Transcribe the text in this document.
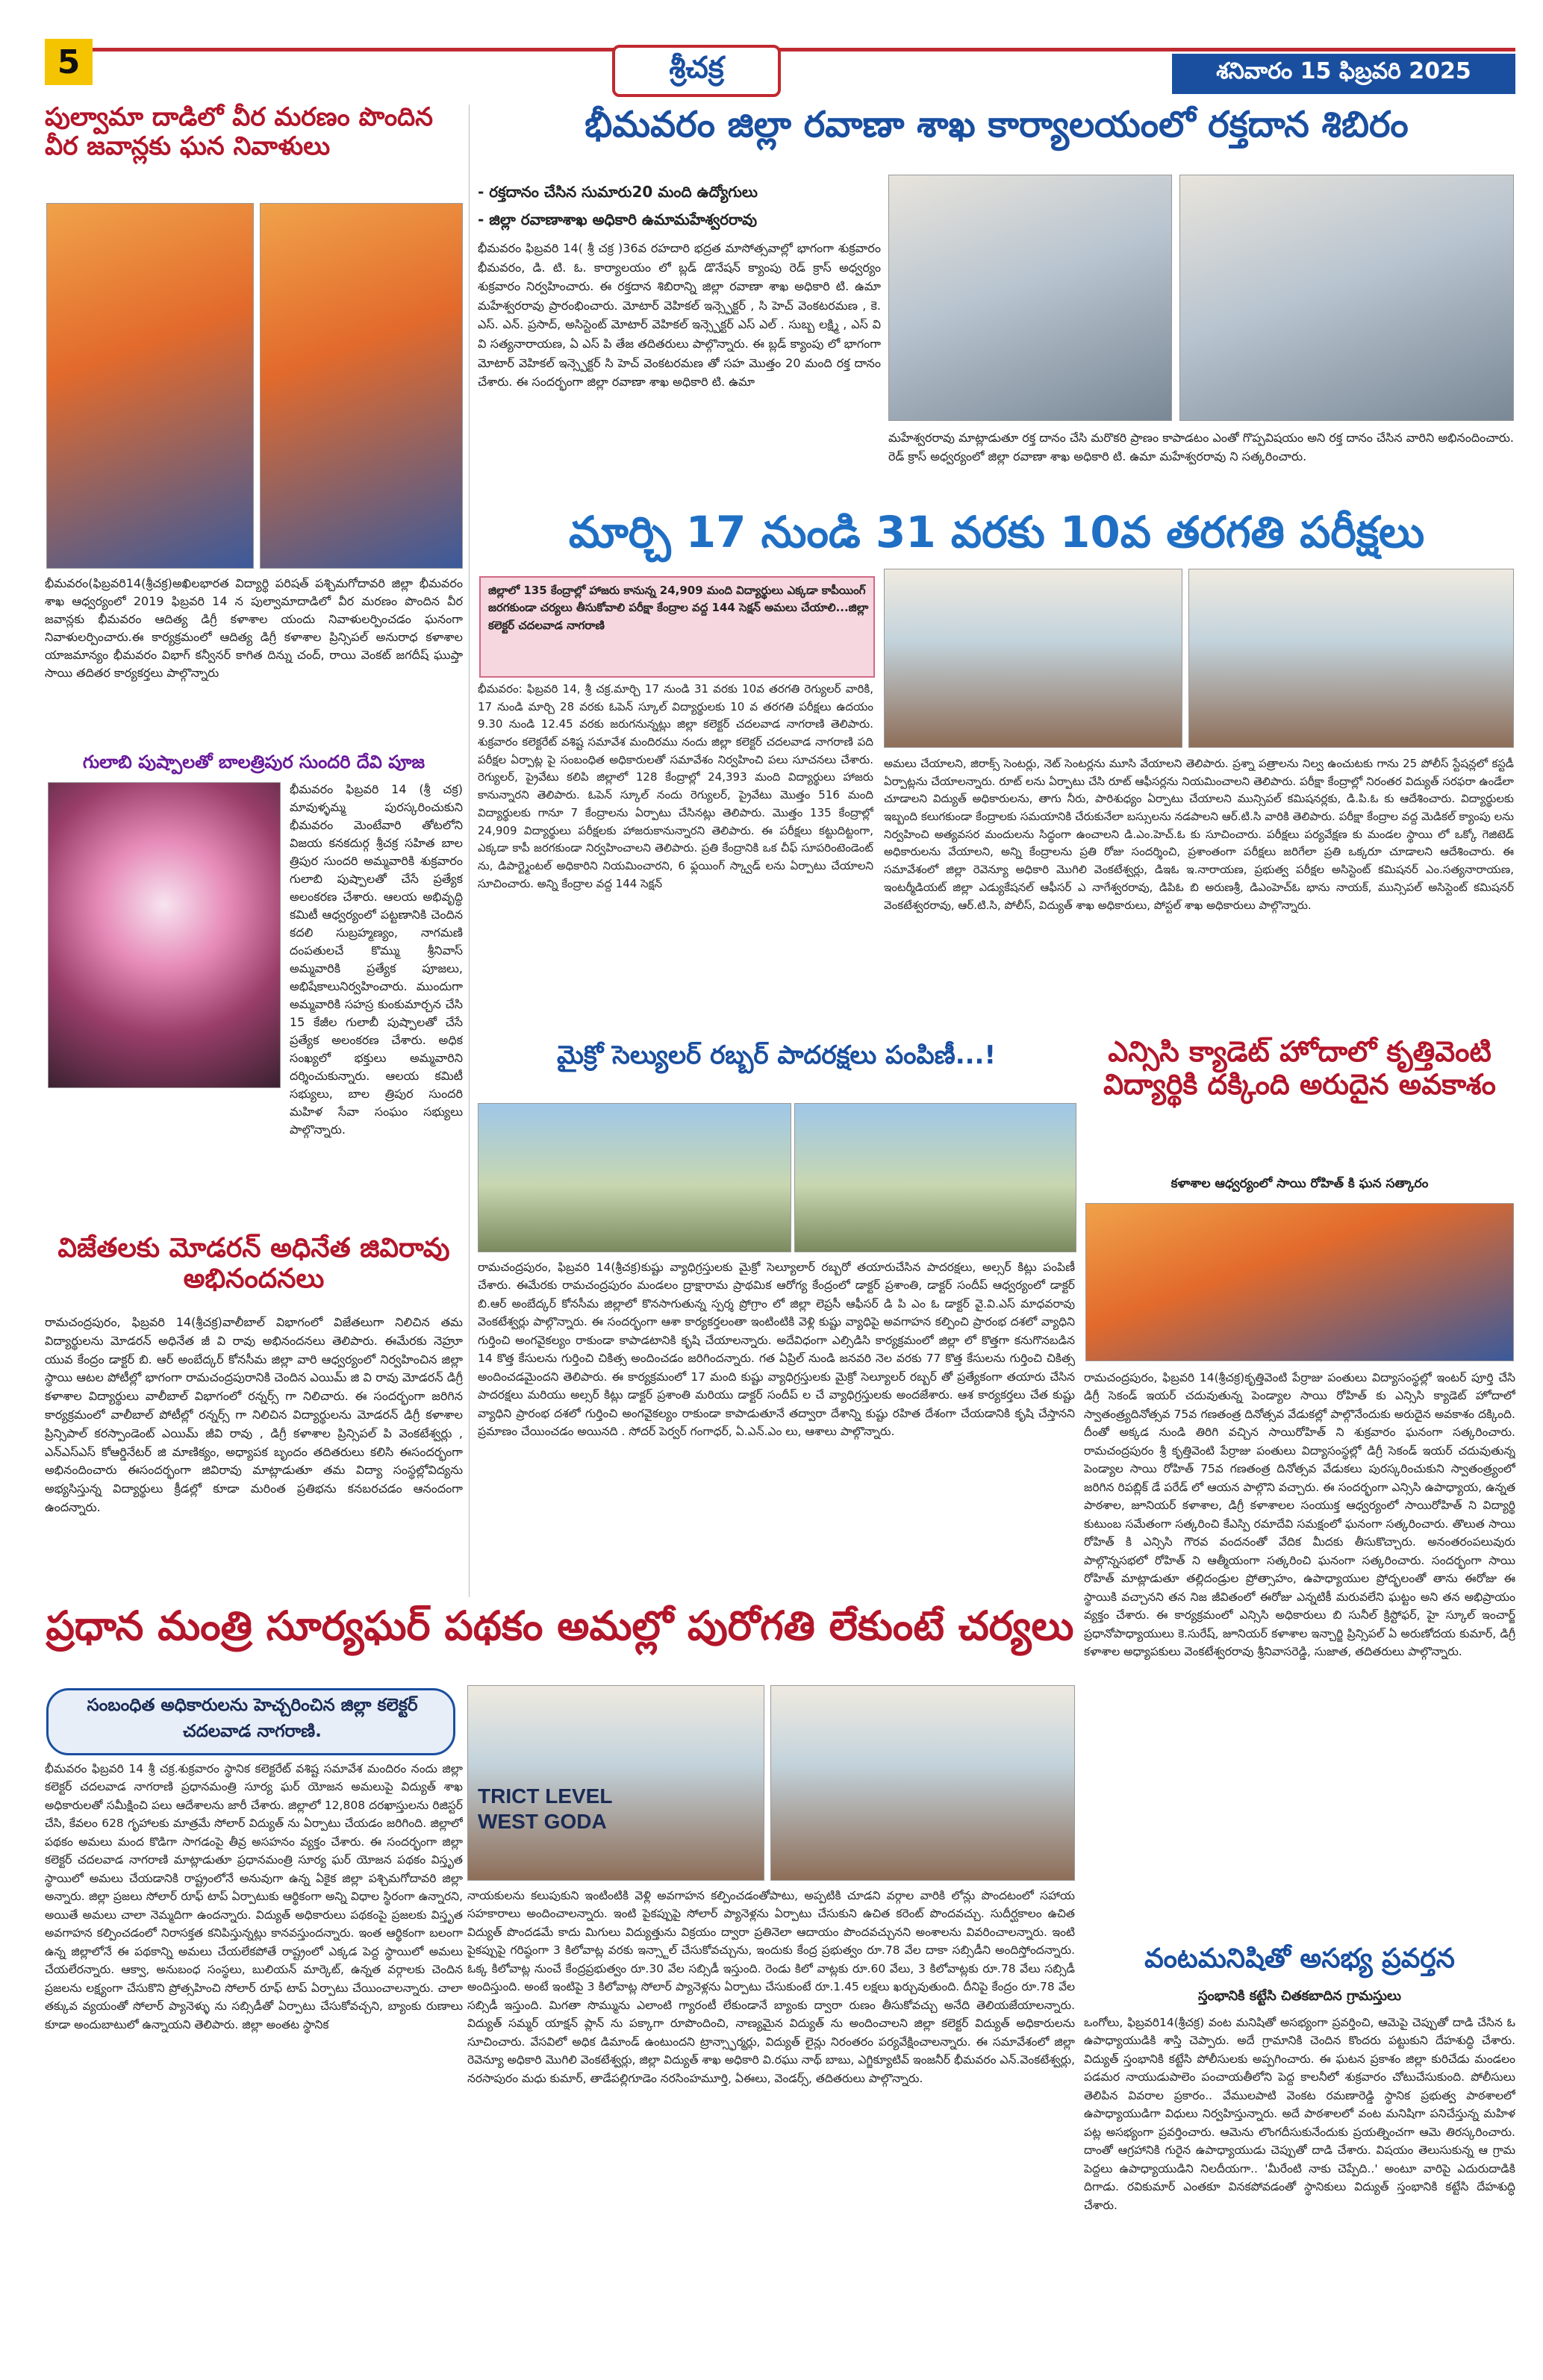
5	శ్రీచక్ర	శనివారం 15 ఫిబ్రవరి 2025
పుల్వామా దాడిలో వీర మరణం పొందిన వీర జవాన్లకు ఘన నివాళులు
భీమవరం(ఫిబ్రవరి14(శ్రీచక్ర)అఖిలభారత విద్యార్థి పరిషత్ పశ్చిమగోదావరి జిల్లా భీమవరం శాఖ ఆధ్వర్యంలో 2019 ఫిబ్రవరి 14 న పుల్వామాదాడిలో వీర మరణం పొందిన వీర జవాన్లకు భీమవరం ఆదిత్య డిగ్రీ కళాశాల యందు నివాళులర్పించడం ఘనంగా నివాళులర్పించారు.ఈ కార్యక్రమంలో ఆదిత్య డిగ్రీ కళాశాల ప్రిన్సిపల్ అనురాధ కళాశాల యాజమాన్యం భీమవరం విభాగ్ కన్వీనర్ కాగిత దిన్ను చంద్, రాయి వెంకట్ జగదీష్ ఘుప్తా సాయి తదితర కార్యకర్తలు పాల్గొన్నారు
గులాబి పుష్పాలతో బాలత్రిపుర సుందరి దేవి పూజ
భీమవరం ఫిబ్రవరి 14 (శ్రీ చక్ర) మావుళ్ళమ్మ పురస్కరించుకుని భీమవరం మెంటేవారి తోటలోని విజయ కనకదుర్గ శ్రీచక్ర సహిత బాల త్రిపుర సుందరి అమ్మవారికి శుక్రవారం గులాబి పుష్పాలతో చేసే ప్రత్యేక అలంకరణ చేశారు. ఆలయ అభివృద్ధి కమిటీ ఆధ్వర్యంలో పట్టణానికి చెందిన కదలి సుబ్రహ్మణ్యం, నాగమణి దంపతులచే కొమ్ము శ్రీనివాస్ అమ్మవారికి ప్రత్యేక పూజలు, అభిషేకాలునిర్వహించారు. ముందుగా అమ్మవారికి సహస్ర కుంకుమార్చన చేసి 15 కేజీల గులాబీ పుష్పాలతో చేసే ప్రత్యేక అలంకరణ చేశారు. అధిక సంఖ్యలో భక్తులు అమ్మవారిని దర్శించుకున్నారు. ఆలయ కమిటీ సభ్యులు, బాల త్రిపుర సుందరి మహిళ సేవా సంఘం సభ్యులు పాల్గొన్నారు.
విజేతలకు మోడరన్ అధినేత జివిరావు అభినందనలు
రామచంద్రపురం, ఫిబ్రవరి 14(శ్రీచక్ర)వాలీబాల్ విభాగంలో విజేతలుగా నిలిచిన తమ విద్యార్థులను మోడరన్ అధినేత జీ వి రావు అభినందనలు తెలిపారు. ఈమేరకు నెహ్రూ యువ కేంద్రం డాక్టర్ బి. ఆర్ అంబేద్కర్ కోనసీమ జిల్లా వారి ఆధ్వర్యంలో నిర్వహించిన జిల్లా స్థాయి ఆటల పోటీల్లో భాగంగా రామచంద్రపురానికి చెందిన ఎయిమ్ జి వి రావు మోడరన్ డిగ్రీ కళాశాల విద్యార్థులు వాలీబాల్ విభాగంలో రన్నర్స్ గా నిలిచారు. ఈ సందర్భంగా జరిగిన కార్యక్రమంలో వాలీబాల్ పోటీల్లో రన్నర్స్ గా నిలిచిన విద్యార్థులను మోడరన్ డిగ్రీ కళాశాల ప్రిన్సిపాల్ కరస్పాండెంట్ ఎయిమ్ జీవి రావు , డిగ్రీ కళాశాల ప్రిన్సిపల్ పి వెంకటేశ్వర్లు , ఎన్ఎస్ఎస్ కోఆర్డినేటర్ జి మాణిక్యం, అధ్యాపక బృందం తదితరులు కలిసి ఈసందర్భంగా అభినందించారు ఈసందర్భంగా జివిరావు మాట్లాడుతూ తమ విద్యా సంస్థల్లోవిద్యను అభ్యసిస్తున్న విద్యార్థులు క్రీడల్లో కూడా మరింత ప్రతిభను కనబరచడం ఆనందంగా ఉందన్నారు.
భీమవరం జిల్లా రవాణా శాఖ కార్యాలయంలో రక్తదాన శిబిరం
- రక్తదానం చేసిన సుమారు20 మంది ఉద్యోగులు
- జిల్లా రవాణాశాఖ అధికారి ఉమామహేశ్వరరావు
భీమవరం ఫిబ్రవరి 14( శ్రీ చక్ర )36వ రహదారి భద్రత మాసోత్సవాల్లో భాగంగా శుక్రవారం భీమవరం, డి. టి. ఓ. కార్యాలయం లో బ్లడ్ డొనేషన్ క్యాంపు రెడ్ క్రాస్ అధ్వర్యం శుక్రవారం నిర్వహించారు. ఈ రక్తదాన శిబిరాన్ని జిల్లా రవాణా శాఖ అధికారి టి. ఉమా మహేశ్వరరావు ప్రారంభించారు. మోటార్ వెహికల్ ఇన్స్పెక్టర్ , సి హెచ్ వెంకటరమణ , కె. ఎస్. ఎన్. ప్రసాద్, అసిస్టెంట్ మోటార్ వెహికల్ ఇన్స్పెక్టర్ ఎస్ ఎల్ . సుబ్బ లక్ష్మి , ఎస్ వి వి సత్యనారాయణ, ఏ ఎస్ పి తేజ తదితరులు పాల్గొన్నారు. ఈ బ్లడ్ క్యాంపు లో భాగంగా మోటార్ వెహికల్ ఇన్స్పెక్టర్ సి హెచ్ వెంకటరమణ తో సహ మొత్తం 20 మంది రక్త దానం చేశారు. ఈ సందర్భంగా జిల్లా రవాణా శాఖ అధికారి టి. ఉమా
మహేశ్వరరావు మాట్లాడుతూ రక్త దానం చేసి మరొకరి ప్రాణం కాపాడటం ఎంతో గొప్పవిషయం అని రక్త దానం చేసిన వారిని అభినందించారు. రెడ్ క్రాస్ అధ్వర్యంలో జిల్లా రవాణా శాఖ అధికారి టి. ఉమా మహేశ్వరరావు ని సత్కరించారు.
మార్చి 17 నుండి 31 వరకు 10వ తరగతి పరీక్షలు
జిల్లాలో 135 కేంద్రాల్లో హాజరు కానున్న 24,909 మంది విద్యార్థులు ఎక్కడా కాపీయింగ్ జరగకుండా చర్యలు తీసుకోవాలి పరీక్షా కేంద్రాల వద్ద 144 సెక్షన్ అమలు చేయాలి...జిల్లా కలెక్టర్ చదలవాడ నాగరాణి
భీమవరం: ఫిబ్రవరి 14, శ్రీ చక్ర.మార్చి 17 నుండి 31 వరకు 10వ తరగతి రెగ్యులర్ వారికి, 17 నుండి మార్చి 28 వరకు ఓపెన్ స్కూల్ విద్యార్థులకు 10 వ తరగతి పరీక్షలు ఉదయం 9.30 నుండి 12.45 వరకు జరుగనున్నట్లు జిల్లా కలెక్టర్ చదలవాడ నాగరాణి తెలిపారు. శుక్రవారం కలెక్టరేట్ వశిష్ట సమావేశ మందిరము నందు జిల్లా కలెక్టర్ చదలవాడ నాగరాణి పది పరీక్షల ఏర్పాట్ల పై సంబంధిత అధికారులతో సమావేశం నిర్వహించి పలు సూచనలు చేశారు. రెగ్యులర్, ప్రైవేటు కలిపి జిల్లాలో 128 కేంద్రాల్లో 24,393 మంది విద్యార్థులు హాజరు కానున్నారని తెలిపారు. ఓపెన్ స్కూల్ నందు రెగ్యులర్, ప్రైవేటు మొత్తం 516 మంది విద్యార్థులకు గానూ 7 కేంద్రాలను ఏర్పాటు చేసినట్లు తెలిపారు. మొత్తం 135 కేంద్రాల్లో 24,909 విద్యార్థులు పరీక్షలకు హాజరుకానున్నారని తెలిపారు. ఈ పరీక్షలు కట్టుదిట్టంగా, ఎక్కడా కాపీ జరగకుండా నిర్వహించాలని తెలిపారు. ప్రతి కేంద్రానికి ఒక చీఫ్ సూపరింటెండెంట్ ను, డిపార్ట్మెంటల్ అధికారిని నియమించారని, 6 ఫ్లయింగ్ స్క్వాడ్ లను ఏర్పాటు చేయాలని సూచించారు. అన్ని కేంద్రాల వద్ద 144 సెక్షన్
అమలు చేయాలని, జిరాక్స్ సెంటర్లు, నెట్ సెంటర్లను మూసి వేయాలని తెలిపారు. ప్రశ్నా పత్రాలను నిల్వ ఉంచుటకు గాను 25 పోలీస్ స్టేషన్లలో కస్టడీ ఏర్పాట్లను చేయాలన్నారు. రూట్ లను ఏర్పాటు చేసి రూట్ ఆఫీసర్లను నియమించాలని తెలిపారు. పరీక్షా కేంద్రాల్లో నిరంతర విద్యుత్ సరఫరా ఉండేలా చూడాలని విద్యుత్ అధికారులను, తాగు నీరు, పారిశుధ్యం ఏర్పాటు చేయాలని మున్సిపల్ కమిషనర్లకు, డి.పి.ఓ కు ఆదేశించారు. విద్యార్థులకు ఇబ్బంది కలుగకుండా కేంద్రాలకు సమయానికి చేరుకునేలా బస్సులను నడపాలని ఆర్.టి.సి వారికి తెలిపారు. పరీక్షా కేంద్రాల వద్ద మెడికల్ క్యాంపు లను నిర్వహించి అత్యవసర మందులను సిద్ధంగా ఉంచాలని డి.ఎం.హెచ్.ఓ కు సూచించారు. పరీక్షలు పర్యవేక్షణ కు మండల స్థాయి లో ఒక్కో గెజిటెడ్ అధికారులను వేయాలని, అన్ని కేంద్రాలను ప్రతి రోజు సందర్శించి, ప్రశాంతంగా పరీక్షలు జరిగేలా ప్రతి ఒక్కరూ చూడాలని ఆదేశించారు. ఈ సమావేశంలో జిల్లా రెవెన్యూ అధికారి మొగిలి వెంకటేశ్వర్లు, డిఇఓ ఇ.నారాయణ, ప్రభుత్వ పరీక్షల అసిస్టెంట్ కమిషనర్ ఎం.సత్యనారాయణ, ఇంటర్మీడియట్ జిల్లా ఎడ్యుకేషనల్ ఆఫీసర్ ఎ నాగేశ్వరరావు, డిపిఓ బి అరుణశ్రీ, డిఎంహెచ్ఓ భాను నాయక్, మున్సిపల్ అసిస్టెంట్ కమిషనర్ వెంకటేశ్వరరావు, ఆర్.టి.సి, పోలీస్, విద్యుత్ శాఖ అధికారులు, పోస్టల్ శాఖ అధికారులు పాల్గొన్నారు.
మైక్రో సెల్యులర్ రబ్బర్ పాదరక్షలు పంపిణీ...!
రామచంద్రపురం, ఫిబ్రవరి 14(శ్రీచక్ర)కుష్టు వ్యాధిగ్రస్తులకు మైక్రో సెల్యూలార్ రబ్బరో తయారుచేసిన పాదరక్షలు, అల్సర్ కిట్లు పంపిణీ చేశారు. ఈమేరకు రామచంద్రపురం మండలం ద్రాక్షారామ ప్రాథమిక ఆరోగ్య కేంద్రంలో డాక్టర్ ప్రశాంతి, డాక్టర్ సందీప్ ఆధ్వర్యంలో డాక్టర్ బి.ఆర్ అంబేద్కర్ కోనసీమ జిల్లాలో కొనసాగుతున్న స్పర్శ ప్రోగ్రాం లో జిల్లా లెప్రసీ ఆఫీసర్ డి పి ఎం ఓ డాక్టర్ వై.వి.ఎస్ మాధవరావు వెంకటేశ్వర్లు పాల్గొన్నారు. ఈ సందర్భంగా ఆశా కార్యకర్తలంతా ఇంటింటికి వెళ్లి కుష్టు వ్యాధిపై అవగాహన కల్పించి ప్రారంభ దశలో వ్యాధిని గుర్తించి అంగవైకల్యం రాకుండా కాపాడటానికి కృషి చేయాలన్నారు. అదేవిధంగా ఎల్సిడిసి కార్యక్రమంలో జిల్లా లో కొత్తగా కనుగొనబడిన 14 కొత్త కేసులను గుర్తించి చికిత్స అందించడం జరిగిందన్నారు. గత ఏప్రిల్ నుండి జనవరి నెల వరకు 77 కొత్త కేసులను గుర్తించి చికిత్స అందించడమైందని తెలిపారు. ఈ కార్యక్రమంలో 17 మంది కుష్టు వ్యాధిగ్రస్తులకు మైక్రో సెల్యూలర్ రబ్బర్ తో ప్రత్యేకంగా తయారు చేసిన పాదరక్షలు మరియు అల్సర్ కిట్లు డాక్టర్ ప్రశాంతి మరియు డాక్టర్ సందీప్ ల చే వ్యాధిగ్రస్తులకు అందజేశారు. ఆశ కార్యకర్తలు చేత కుష్టు వ్యాధిని ప్రారంభ దశలో గుర్తించి అంగవైకల్యం రాకుండా కాపాడుతూనే తద్వారా దేశాన్ని కుష్టు రహిత దేశంగా చేయడానికి కృషి చేస్తానని ప్రమాణం చేయించడం అయినది . సోదర్ పెర్వర్ గంగాధర్, ఏ.ఎన్.ఎం లు, ఆశాలు పాల్గొన్నారు.
ఎన్సిసి క్యాడెట్ హోదాలో కృత్తివెంటి విద్యార్థికి దక్కింది అరుదైన అవకాశం
కళాశాల ఆధ్వర్యంలో సాయి రోహిత్ కి ఘన సత్కారం
రామచంద్రపురం, ఫిబ్రవరి 14(శ్రీచక్ర)కృత్తివెంటి పేర్రాజు పంతులు విద్యాసంస్థల్లో ఇంటర్ పూర్తి చేసి డిగ్రీ సెకండ్ ఇయర్ చదువుతున్న పెండ్యాల సాయి రోహిత్ కు ఎన్సిసి క్యాడెట్ హోదాలో స్వాతంత్ర్యదినోత్సవ 75వ గణతంత్ర దినోత్సవ వేడుకల్లో పాల్గొనేందుకు అరుదైన అవకాశం దక్కింది. దీంతో అక్కడ నుండి తిరిగి వచ్చిన సాయిరోహిత్ ని శుక్రవారం ఘనంగా సత్కరించారు. రామచంద్రపురం శ్రీ కృత్తివెంటి పేర్రాజు పంతులు విద్యాసంస్థల్లో డిగ్రీ సెకండ్ ఇయర్ చదువుతున్న పెండ్యాల సాయి రోహిత్ 75వ గణతంత్ర దినోత్సవ వేడుకలు పురస్కరించుకుని స్వాతంత్ర్యంలో జరిగిన రిపబ్లిక్ డే పరేడ్ లో ఆయన పాల్గొని వచ్చారు. ఈ సందర్భంగా ఎన్సిసి ఉపాధ్యాయ, ఉన్నత పాఠశాల, జూనియర్ కళాశాల, డిగ్రీ కళాశాలల సంయుక్త ఆధ్వర్యంలో సాయిరోహిత్ ని విద్యార్థి కుటుంబ సమేతంగా సత్కరించి కేఎస్పి రమాదేవి సమక్షంలో ఘనంగా సత్కరించారు. తొలుత సాయి రోహిత్ కి ఎన్సిసి గౌరవ వందనంతో వేదిక మీదకు తీసుకొచ్చారు. అనంతరంపలువురు పాల్గొన్నసభలో రోహిత్ ని ఆత్మీయంగా సత్కరించి ఘనంగా సత్కరించారు. సందర్భంగా సాయి రోహిత్ మాట్లాడుతూ తల్లిదండ్రుల ప్రోత్సాహం, ఉపాధ్యాయుల ప్రోద్భలంతో తాను ఈరోజు ఈ స్థాయికి వచ్చానని తన నిజ జీవితంలో ఈరోజు ఎన్నటికీ మరువలేని ఘట్టం అని తన అభిప్రాయం వ్యక్తం చేశారు. ఈ కార్యక్రమంలో ఎన్సిసి అధికారులు బి సునీల్ క్రిస్టోఫర్, హై స్కూల్ ఇంచార్జ్ ప్రధానోపాధ్యాయులు కె.సురేష్, జూనియర్ కళాశాల ఇన్చార్జి ప్రిన్సిపల్ ఏ అరుణోదయ కుమార్, డిగ్రీ కళాశాల అధ్యాపకులు వెంకటేశ్వరరావు శ్రీనివాసరెడ్డి, సుజాత, తదితరులు పాల్గొన్నారు.
ప్రధాన మంత్రి సూర్యఘర్ పథకం అమల్లో పురోగతి లేకుంటే చర్యలు
సంబంధిత అధికారులను హెచ్చరించిన జిల్లా కలెక్టర్ చదలవాడ నాగరాణి.
భీమవరం ఫిబ్రవరి 14 శ్రీ చక్ర.శుక్రవారం స్థానిక కలెక్టరేట్ వశిష్ట సమావేశ మందిరం నందు జిల్లా కలెక్టర్ చదలవాడ నాగరాణి ప్రధానమంత్రి సూర్య ఘర్ యోజన అమలుపై విద్యుత్ శాఖ అధికారులతో సమీక్షించి పలు ఆదేశాలను జారీ చేశారు. జిల్లాలో 12,808 దరఖాస్తులను రిజిస్టర్ చేసి, కేవలం 628 గృహాలకు మాత్రమే సోలార్ విద్యుత్ ను ఏర్పాటు చేయడం జరిగింది. జిల్లాలో పథకం అమలు మంద కొడిగా సాగడంపై తీవ్ర అసహనం వ్యక్తం చేశారు. ఈ సందర్భంగా జిల్లా కలెక్టర్ చదలవాడ నాగరాణి మాట్లాడుతూ ప్రధానమంత్రి సూర్య ఘర్ యోజన పథకం విస్తృత స్థాయిలో అమలు చేయడానికి రాష్ట్రంలోనే అనువుగా ఉన్న ఏకైక జిల్లా పశ్చిమగోదావరి జిల్లా అన్నారు. జిల్లా ప్రజలు సోలార్ రూఫ్ టాప్ ఏర్పాటుకు ఆర్థికంగా అన్ని విధాల స్థిరంగా ఉన్నారని, అయితే అమలు చాలా నెమ్మదిగా ఉందన్నారు. విద్యుత్ అధికారులు పథకంపై ప్రజలకు విస్తృత అవగాహన కల్పించడంలో నిరాసక్తత కనిపిస్తున్నట్లు కానవస్తుందన్నారు. ఇంత ఆర్థికంగా బలంగా ఉన్న జిల్లాలోనే ఈ పథకాన్ని అమలు చేయలేకపోతే రాష్ట్రంలో ఎక్కడ పెద్ద స్థాయిలో అమలు చేయలేరన్నారు. ఆక్వా, అనుబంధ సంస్థలు, బులియన్ మార్కెట్, ఉన్నత వర్గాలకు చెందిన ప్రజలను లక్ష్యంగా చేసుకొని ప్రోత్సహించి సోలార్ రూఫ్ టాప్ ఏర్పాటు చేయించాలన్నారు. చాలా తక్కువ వ్యయంతో సోలార్ ప్యానెళ్ళు ను సబ్సిడీతో ఏర్పాటు చేసుకోవచ్చని, బ్యాంకు రుణాలు కూడా అందుబాటులో ఉన్నాయని తెలిపారు. జిల్లా అంతట స్థానిక
TRICT LEVEL
WEST GODA
నాయకులను కలుపుకుని ఇంటింటికి వెళ్లి అవగాహన కల్పించడంతోపాటు, అప్పటికి చూడని వర్గాల వారికి లోన్లు పొందటంలో సహాయ సహకారాలు అందించాలన్నారు. ఇంటి పైకప్పుపై సోలార్ ప్యానెళ్లను ఏర్పాటు చేసుకుని ఉచిత కరెంట్ పొందవచ్చు. సుదీర్ఘకాలం ఉచిత విద్యుత్ పొందడమే కాదు మిగులు విద్యుత్తును విక్రయం ద్వారా ప్రతినెలా ఆదాయం పొందవచ్చునని అంశాలను వివరించాలన్నారు. ఇంటి పైకప్పుపై గరిష్ఠంగా 3 కిలోవాట్ల వరకు ఇన్స్టాల్ చేసుకోవచ్చును, ఇందుకు కేంద్ర ప్రభుత్వం రూ.78 వేల దాకా సబ్సిడీని అందిస్తోందన్నారు. ఓక్క కిలోవాట్ల నుంచే కేంద్రప్రభుత్వం రూ.30 వేల సబ్సిడీ ఇస్తుంది. రెండు కిలో వాట్లకు రూ.60 వేలు, 3 కిలోవాట్లకు రూ.78 వేలు సబ్సిడీ అందిస్తుంది. అంటే ఇంటిపై 3 కిలోవాట్ల సోలార్ ప్యానెళ్లను ఏర్పాటు చేసుకుంటే రూ.1.45 లక్షలు ఖర్చువుతుంది. దీనిపై కేంద్రం రూ.78 వేల సబ్సిడీ ఇస్తుంది. మిగతా సొమ్మును ఎలాంటి గ్యారంటీ లేకుండానే బ్యాంకు ద్వారా రుణం తీసుకోవచ్చు అనేది తెలియజేయాలన్నారు. విద్యుత్ సమ్మర్ యాక్షన్ ప్లాన్ ను పక్కాగా రూపొందించి, నాణ్యమైన విద్యుత్ ను అందించాలని జిల్లా కలెక్టర్ విద్యుత్ అధికారులను సూచించారు. వేసవిలో అధిక డిమాండ్ ఉంటుందని ట్రాన్స్ఫార్మర్లు, విద్యుత్ లైన్లు నిరంతరం పర్యవేక్షించాలన్నారు. ఈ సమావేశంలో జిల్లా రెవెన్యూ అధికారి మొగిలి వెంకటేశ్వర్లు, జిల్లా విద్యుత్ శాఖ అధికారి వి.రఘు నాథ్ బాబు, ఎగ్జిక్యూటివ్ ఇంజనీర్ భీమవరం ఎన్.వెంకటేశ్వర్లు, నరసాపురం మధు కుమార్, తాడేపల్లిగూడెం నరసింహమూర్తి, ఏఈలు, వెండర్స్, తదితరులు పాల్గొన్నారు.
వంటమనిషితో అసభ్య ప్రవర్తన
స్తంభానికి కట్టేసి చితకబాదిన గ్రామస్తులు
ఒంగోలు, ఫిబ్రవరి14(శ్రీచక్ర) వంట మనిషితో అసభ్యంగా ప్రవర్తించి, ఆమెపై చెప్పుతో దాడి చేసిన ఓ ఉపాధ్యాయుడికి శాస్తి చెప్పారు. అదే గ్రామానికి చెందిన కొందరు పట్టుకుని దేహశుద్ధి చేశారు. విద్యుత్ స్తంభానికి కట్టేసి పోలీసులకు అప్పగించారు. ఈ ఘటన ప్రకాశం జిల్లా కురిచేడు మండలం పడమర నాయుడుపాలెం పంచాయతీలోని పెద్ద కాలనీలో శుక్రవారం చోటుచేసుకుంది. పోలీసులు తెలిపిన వివరాల ప్రకారం.. వేములపాటి వెంకట రమణారెడ్డి స్థానిక ప్రభుత్వ పాఠశాలలో ఉపాధ్యాయుడిగా విధులు నిర్వహిస్తున్నారు. అదే పాఠశాలలో వంట మనిషిగా పనిచేస్తున్న మహిళ పట్ల అసభ్యంగా ప్రవర్తించారు. ఆమెను లొంగదీసుకునేందుకు ప్రయత్నించగా ఆమె తిరస్కరించారు. దాంతో ఆగ్రహానికి గురైన ఉపాధ్యాయుడు చెప్పుతో దాడి చేశారు. విషయం తెలుసుకున్న ఆ గ్రామ పెద్దలు ఉపాధ్యాయుడిని నిలదీయగా.. 'మీరేంటి నాకు చెప్పేది..' అంటూ వారిపై ఎదురుదాడికి దిగాడు. రవికుమార్ ఎంతకూ వినకపోవడంతో స్థానికులు విద్యుత్ స్తంభానికి కట్టేసి దేహశుద్ధి చేశారు.
